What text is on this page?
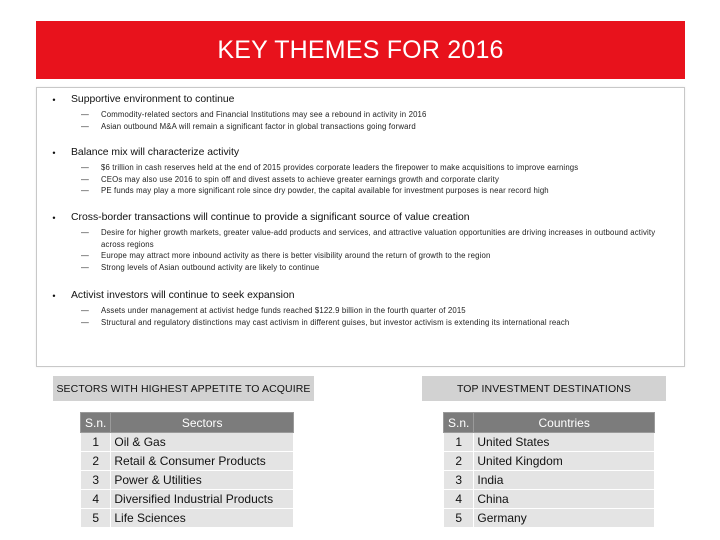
KEY THEMES FOR 2016
•	Supportive environment to continue
—	Commodity-related sectors and Financial Institutions may see a rebound in activity in 2016
—	Asian outbound M&A will remain a significant factor in global transactions going forward
•	Balance mix will characterize activity
—	$6 trillion in cash reserves held at the end of 2015 provides corporate leaders the firepower to make acquisitions to improve earnings
—	CEOs may also use 2016 to spin off and divest assets to achieve greater earnings growth and corporate clarity
—	PE funds may play a more significant role since dry powder, the capital available for investment purposes is near record high
•	Cross-border transactions will continue to provide a significant source of value creation
—	Desire for higher growth markets, greater value-add products and services, and attractive valuation opportunities are driving increases in outbound activity across regions
—	Europe may attract more inbound activity as there is better visibility around the return of growth to the region
—	Strong levels of Asian outbound activity are likely to continue
•	Activist investors will continue to seek expansion
—	Assets under management at activist hedge funds reached $122.9 billion in the fourth quarter of 2015
—	Structural and regulatory distinctions may cast activism in different guises, but investor activism is extending its international reach
SECTORS WITH HIGHEST APPETITE TO ACQUIRE
S.n.	Sectors
1	Oil & Gas
2	Retail & Consumer Products
3	Power & Utilities
4	Diversified Industrial Products
5	Life Sciences
TOP INVESTMENT DESTINATIONS
S.n.	Countries
1	United States
2	United Kingdom
3	India
4	China
5	Germany
